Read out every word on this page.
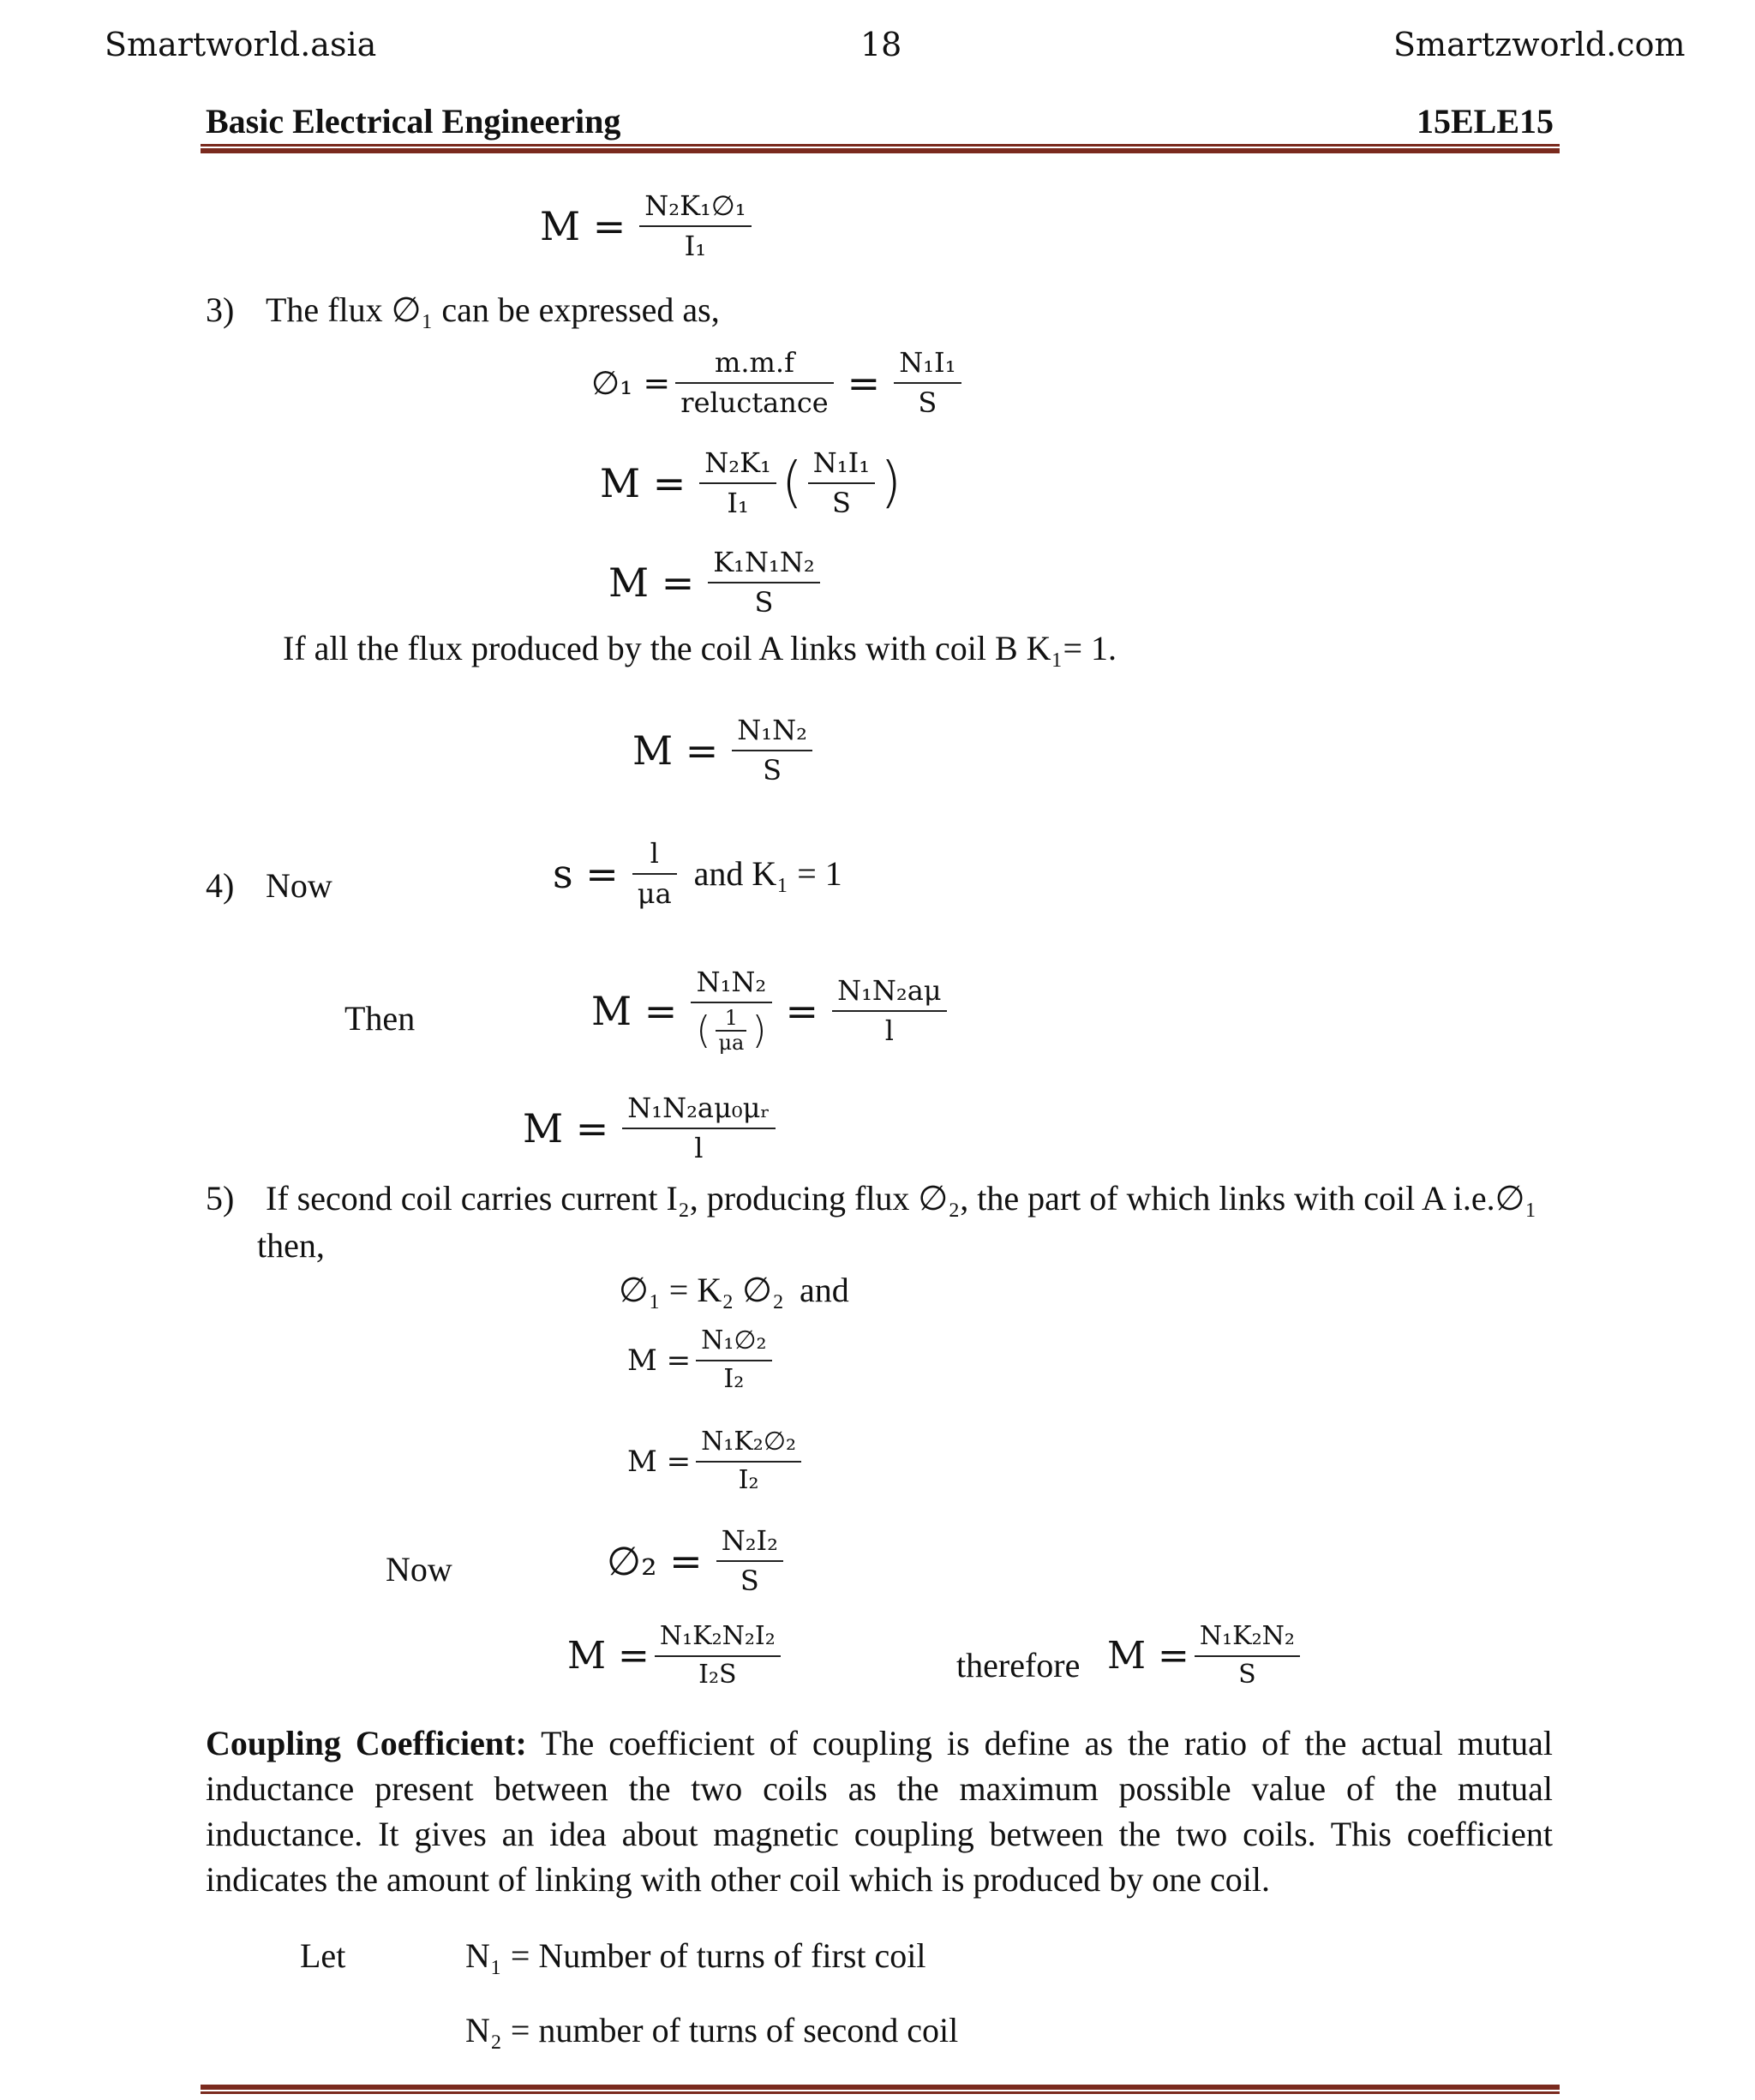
Smartworld.asia	18	Smartzworld.com
Basic Electrical Engineering	15ELE15
$M = \frac{\text{N₂K₁∅₁}}{\text{I₁}}$
3) The flux ∅₁ can be expressed as,
∅₁ = $\frac{m.m.f}{\text{reluctance}} = \frac{\text{N₁I₁}}{S}$
$M = \frac{\text{N₂K₁}}{\text{I₁}}$ ( $\frac{\text{N₁I₁}}{S}$ )
$M = \frac{\text{K₁N₁N₂}}{S}$
If all the flux produced by the coil A links with coil B K₁= 1.
$M = \frac{\text{N₁N₂}}{S}$
4) Now	$s = \frac{l}{\mu a}$ and K₁ = 1
Then	$M = \frac{\text{N₁N₂}}{( \frac{1}{\mu a} )} = \frac{\text{N₁N₂aμ}}{l}$
$M = \frac{\text{N₁N₂aμ₀μᵣ}}{l}$
5) If second coil carries current I₂, producing flux ∅₂, the part of which links with coil A i.e.∅₁
then,
∅₁ = K₂ ∅₂ and
$M = \frac{\text{N₁∅₂}}{\text{I₂}}$
$M = \frac{\text{N₁K₂∅₂}}{\text{I₂}}$
Now	∅₂ = $\frac{\text{N₂I₂}}{S}$
$M = \frac{\text{N₁K₂N₂I₂}}{\text{I₂S}}$	therefore $M = \frac{\text{N₁K₂N₂}}{S}$
Coupling Coefficient: The coefficient of coupling is define as the ratio of the actual mutual inductance present between the two coils as the maximum possible value of the mutual inductance. It gives an idea about magnetic coupling between the two coils. This coefficient indicates the amount of linking with other coil which is produced by one coil.
Let	N₁ = Number of turns of first coil
N₂ = number of turns of second coil
